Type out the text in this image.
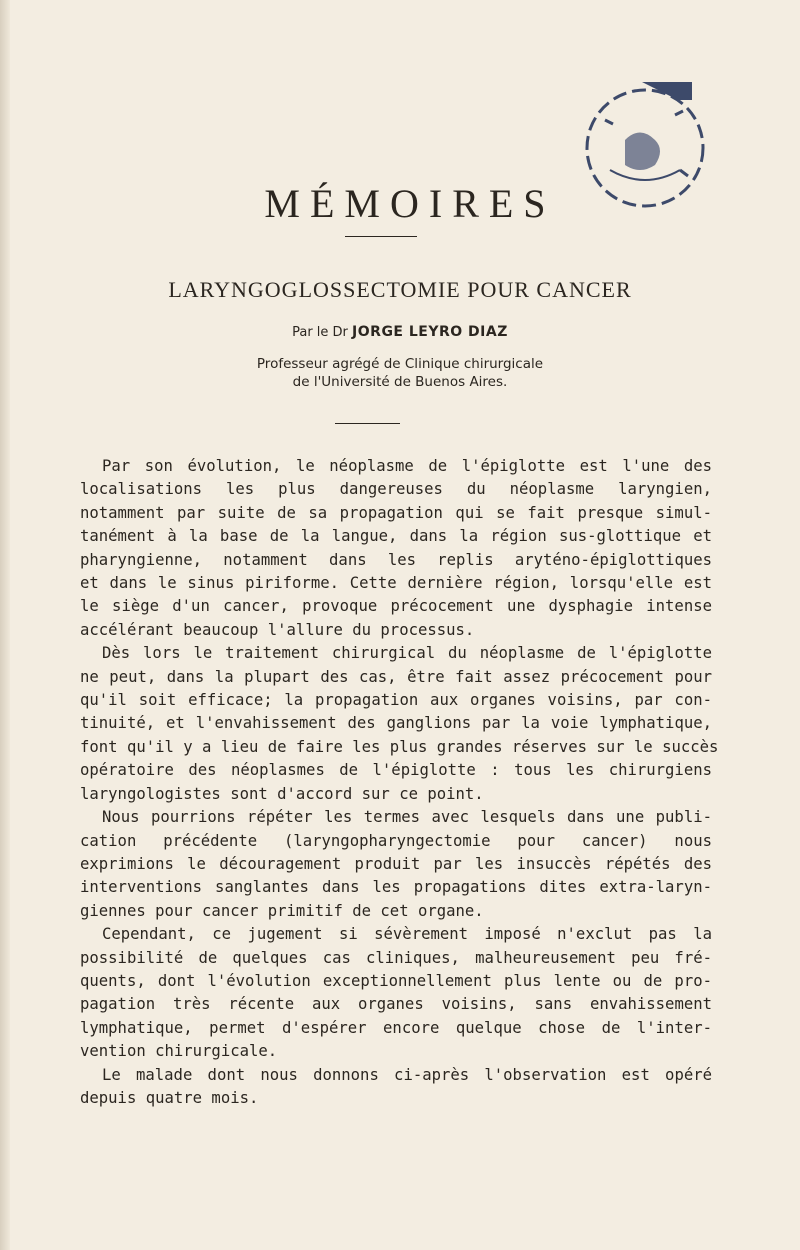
MÉMOIRES
LARYNGOGLOSSECTOMIE POUR CANCER
Par le Dr JORGE LEYRO DIAZ
Professeur agrégé de Clinique chirurgicale
de l'Université de Buenos Aires.
Par son évolution, le néoplasme de l'épiglotte est l'une des
localisations les plus dangereuses du néoplasme laryngien,
notamment par suite de sa propagation qui se fait presque simul-
tanément à la base de la langue, dans la région sus-glottique et
pharyngienne, notamment dans les replis aryténo-épiglottiques
et dans le sinus piriforme. Cette dernière région, lorsqu'elle est
le siège d'un cancer, provoque précocement une dysphagie intense
accélérant beaucoup l'allure du processus.
Dès lors le traitement chirurgical du néoplasme de l'épiglotte
ne peut, dans la plupart des cas, être fait assez précocement pour
qu'il soit efficace; la propagation aux organes voisins, par con-
tinuité, et l'envahissement des ganglions par la voie lymphatique,
font qu'il y a lieu de faire les plus grandes réserves sur le succès
opératoire des néoplasmes de l'épiglotte : tous les chirurgiens
laryngologistes sont d'accord sur ce point.
Nous pourrions répéter les termes avec lesquels dans une publi-
cation précédente (laryngopharyngectomie pour cancer) nous
exprimions le découragement produit par les insuccès répétés des
interventions sanglantes dans les propagations dites extra-laryn-
giennes pour cancer primitif de cet organe.
Cependant, ce jugement si sévèrement imposé n'exclut pas la
possibilité de quelques cas cliniques, malheureusement peu fré-
quents, dont l'évolution exceptionnellement plus lente ou de pro-
pagation très récente aux organes voisins, sans envahissement
lymphatique, permet d'espérer encore quelque chose de l'inter-
vention chirurgicale.
Le malade dont nous donnons ci-après l'observation est opéré
depuis quatre mois.
